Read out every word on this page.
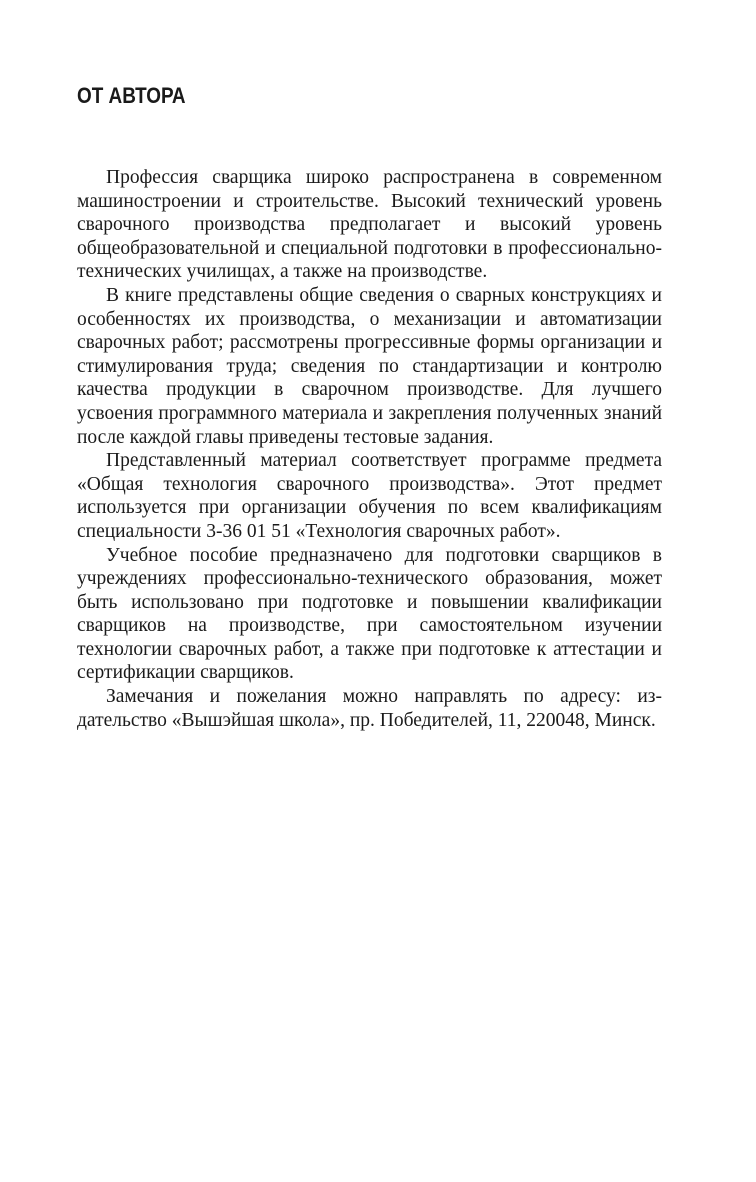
ОТ АВТОРА

Профессия сварщика широко распространена в современном машиностроении и строительстве. Высокий технический уровень сварочного производства предполагает и высокий уровень общеобразовательной и специальной подготовки в профессионально-технических училищах, а также на производстве.

В книге представлены общие сведения о сварных конструкциях и особенностях их производства, о механизации и автоматизации сварочных работ; рассмотрены прогрессивные формы организации и стимулирования труда; сведения по стандартизации и контролю качества продукции в сварочном производстве. Для лучшего усвоения программного материала и закрепления полученных знаний после каждой главы приведены тестовые задания.

Представленный материал соответствует программе предмета «Общая технология сварочного производства». Этот предмет используется при организации обучения по всем квалификациям специальности 3-36 01 51 «Технология сварочных работ».

Учебное пособие предназначено для подготовки сварщиков в учреждениях профессионально-технического образования, может быть использовано при подготовке и повышении квалификации сварщиков на производстве, при самостоятельном изучении технологии сварочных работ, а также при подготовке к аттестации и сертификации сварщиков.

Замечания и пожелания можно направлять по адресу: издательство «Вышэйшая школа», пр. Победителей, 11, 220048, Минск.
